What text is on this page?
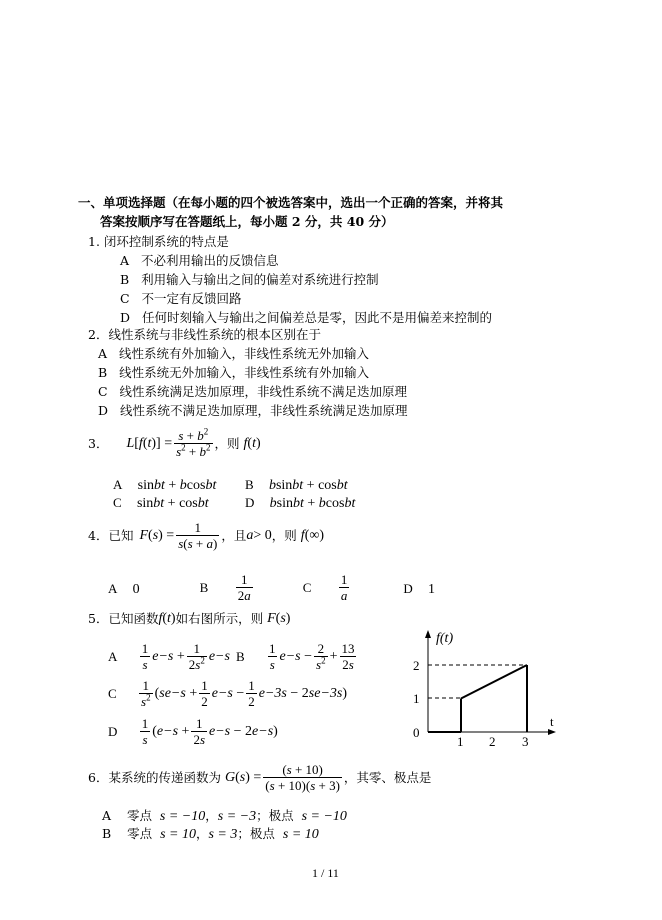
一、单项选择题（在每小题的四个被选答案中，选出一个正确的答案，并将其
答案按顺序写在答题纸上，每小题 2 分，共 40 分）
1. 闭环控制系统的特点是
A 不必利用输出的反馈信息
B 利用输入与输出之间的偏差对系统进行控制
C 不一定有反馈回路
D 任何时刻输入与输出之间偏差总是零，因此不是用偏差来控制的
2．线性系统与非线性系统的根本区别在于
A 线性系统有外加输入，非线性系统无外加输入
B 线性系统无外加输入，非线性系统有外加输入
C 线性系统满足迭加原理，非线性系统不满足迭加原理
D 线性系统不满足迭加原理，非线性系统满足迭加原理
3． L [ f ( t )] = $\frac{s + b^2}{s^2 + b^2}$ ，则 f ( t )
A sinbt + bcosbt B bsinbt + cosbt
C sinbt + cosbt	D bsinbt + bcosbt
4．已知 F ( s ) = $\frac{1}{s(s + a)}$ ，且 a > 0 ，则 f (∞)
A 0	B
$\frac{1}{2a}$	C
$\frac{1}{a}$	D 1
5．已知函数 f ( t ) 如右图所示，则 F ( s )
A
$\frac{1}{s}$ $e -s + \frac{1}{2s^2}$ e −s B
$\frac{1}{s}$ $e -s - \frac{2}{s^2} + \frac{13}{2s}$
C
$\frac{1}{s^2}$ ( se $-s + \frac{1}{2}$ $e -s - \frac{1}{2}$ e −3s − 2 se −3s )
D
$\frac{1}{s}$ ( $e -s + \frac{1}{2s}$ e −s − 2 e −s )
f(t)
t
2
1
0
1 2 3
6．某系统的传递函数为 G ( s ) = $\frac{(s + 10)}{(s + 10)(s + 3)}$ ，其零、极点是
A 零点 s = −10，s = −3；极点 s = −10
B 零点 s = 10，s = 3；极点 s = 10
1 / 11
